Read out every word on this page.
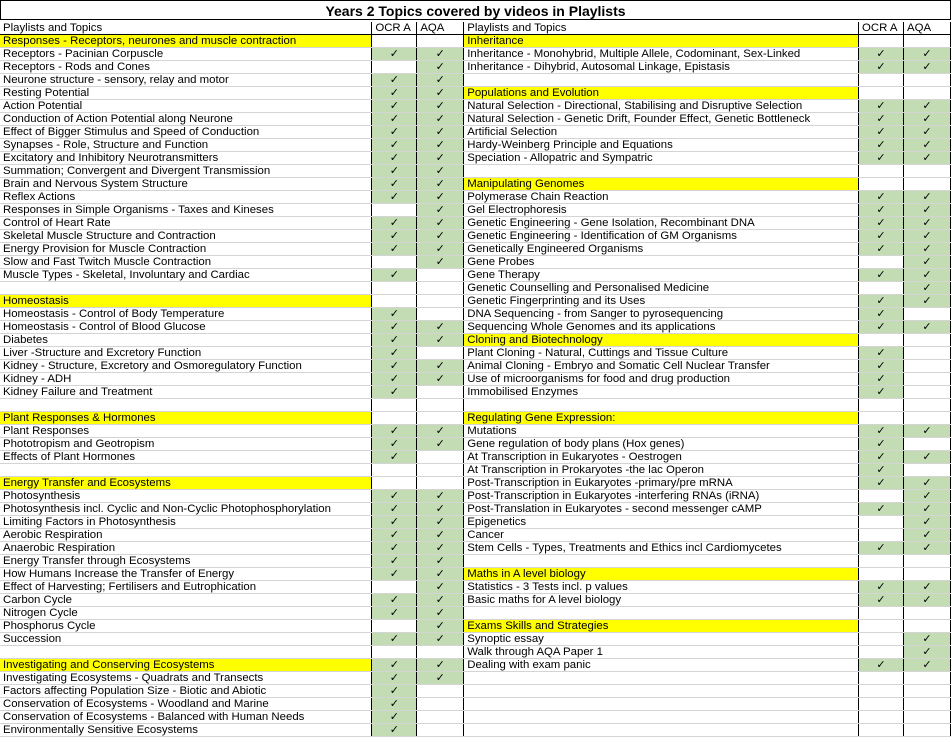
Years 2 Topics covered by videos in Playlists
Playlists and Topics	OCR A	AQA	Playlists and Topics	OCR A	AQA
Responses - Receptors, neurones and muscle contraction			Inheritance		
Receptors - Pacinian Corpuscle	✓	✓	Inheritance - Monohybrid, Multiple Allele, Codominant, Sex-Linked	✓	✓
Receptors - Rods and Cones		✓	Inheritance - Dihybrid, Autosomal Linkage, Epistasis	✓	✓
Neurone structure - sensory, relay and motor	✓	✓			
Resting Potential	✓	✓	Populations and Evolution		
Action Potential	✓	✓	Natural Selection - Directional, Stabilising and Disruptive Selection	✓	✓
Conduction of Action Potential along Neurone	✓	✓	Natural Selection - Genetic Drift, Founder Effect, Genetic Bottleneck	✓	✓
Effect of Bigger Stimulus and Speed of Conduction	✓	✓	Artificial Selection	✓	✓
Synapses - Role, Structure and Function	✓	✓	Hardy-Weinberg Principle and Equations	✓	✓
Excitatory and Inhibitory Neurotransmitters	✓	✓	Speciation - Allopatric and Sympatric	✓	✓
Summation; Convergent and Divergent Transmission	✓	✓			
Brain and Nervous System Structure	✓	✓	Manipulating Genomes		
Reflex Actions	✓	✓	Polymerase Chain Reaction	✓	✓
Responses in Simple Organisms - Taxes and Kineses		✓	Gel Electrophoresis	✓	✓
Control of Heart Rate	✓	✓	Genetic Engineering - Gene Isolation, Recombinant DNA	✓	✓
Skeletal Muscle Structure and Contraction	✓	✓	Genetic Engineering - Identification of GM Organisms	✓	✓
Energy Provision for Muscle Contraction	✓	✓	Genetically Engineered Organisms	✓	✓
Slow and Fast Twitch Muscle Contraction		✓	Gene Probes		✓
Muscle Types - Skeletal, Involuntary and Cardiac	✓		Gene Therapy	✓	✓
			Genetic Counselling and Personalised Medicine		✓
Homeostasis			Genetic Fingerprinting and its Uses	✓	✓
Homeostasis - Control of Body Temperature	✓		DNA Sequencing - from Sanger to pyrosequencing	✓	
Homeostasis - Control of Blood Glucose	✓	✓	Sequencing Whole Genomes and its applications	✓	✓
Diabetes	✓	✓	Cloning and Biotechnology		
Liver -Structure and Excretory Function	✓		Plant Cloning - Natural, Cuttings and Tissue Culture	✓	
Kidney - Structure, Excretory and Osmoregulatory Function	✓	✓	Animal Cloning - Embryo and Somatic Cell Nuclear Transfer	✓	
Kidney - ADH	✓	✓	Use of microorganisms for food and drug production	✓	
Kidney Failure and Treatment	✓		Immobilised Enzymes	✓	

Plant Responses & Hormones			Regulating Gene Expression:		
Plant Responses	✓	✓	Mutations	✓	✓
Phototropism and Geotropism	✓	✓	Gene regulation of body plans (Hox genes)	✓	
Effects of Plant Hormones	✓		At Transcription in Eukaryotes - Oestrogen	✓	✓
			At Transcription in Prokaryotes -the lac Operon	✓	
Energy Transfer and Ecosystems			Post-Transcription in Eukaryotes -primary/pre mRNA	✓	✓
Photosynthesis	✓	✓	Post-Transcription in Eukaryotes -interfering RNAs (iRNA)		✓
Photosynthesis incl. Cyclic and Non-Cyclic Photophosphorylation	✓	✓	Post-Translation in Eukaryotes - second messenger cAMP	✓	✓
Limiting Factors in Photosynthesis	✓	✓	Epigenetics		✓
Aerobic Respiration	✓	✓	Cancer		✓
Anaerobic Respiration	✓	✓	Stem Cells - Types, Treatments and Ethics incl Cardiomycetes	✓	✓
Energy Transfer through Ecosystems	✓	✓			
How Humans Increase the Transfer of Energy	✓	✓	Maths in A level biology		
Effect of Harvesting; Fertilisers and Eutrophication		✓	Statistics - 3 Tests incl. p values	✓	✓
Carbon Cycle	✓	✓	Basic maths for A level biology	✓	✓
Nitrogen Cycle	✓	✓			
Phosphorus Cycle		✓	Exams Skills and Strategies		
Succession	✓	✓	Synoptic essay		✓
			Walk through AQA Paper 1		✓
Investigating and Conserving Ecosystems	✓	✓	Dealing with exam panic	✓	✓
Investigating Ecosystems - Quadrats and Transects	✓	✓			
Factors affecting Population Size - Biotic and Abiotic	✓				
Conservation of Ecosystems - Woodland and Marine	✓				
Conservation of Ecosystems - Balanced with Human Needs	✓				
Environmentally Sensitive Ecosystems	✓				
